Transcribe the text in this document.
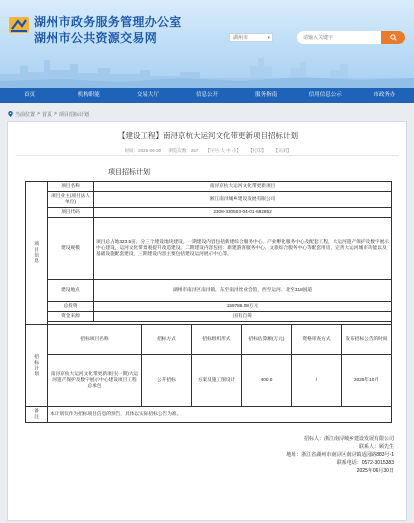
湖州市政务服务管理办公室
湖州市公共资源交易网	湖州市	▾
请输入关键字
首页	机构职能	交易大厅	信息公开	服务指南	信用信息公示	市政务办
当前位置 > 首页 > 项目招标计划
【建设工程】南浔京杭大运河文化带更新项目招标计划
时间：2025-06-30 浏览次数：257 【字号 大 中 小】 【打印】 【关闭】
项目招标计划
项目信息	项目名称	南浔京杭大运河文化带更新项目					
	项目业主(项目法人单位)	浙江南浔城乡建设发展有限公司					
	项目代码	2308-330503-04-01-682852					
	建设规模	项目总占地323.5亩，分三个建设地块建设。一期建设内容包括新建综合服务中心、产业孵化服务中心及配套工程，大运河遗产保护及数字展示中心建设，运河文化带景观提升改造建设。二期建设内容包括：新建游客服务中心、文旅综合服务中心等配套用房，完善大运河城市功能以及基础设施配套建设，三期建设内容主要包括建设运河展示中心等。					
	建设地点	湖州市南浔区南浔镇，东至南浔丝业会馆，西至运河、北至318国道					
	总投资	159786.08万元					
	资金来源	国有自筹					

招标计划	招标项目名称		招标方式	招标组织形式	招标估算额(万元)	资格审查方式	发布招标公告的时间
	南浔京杭大运河文化带更新项目(一期)大运河遗产保护及数字展示中心建设项目工程总承包		公开招标	方案及施工图设计	400.0	/	2025年10月
备注	本计划仅作为招标项目信息的预告，具体以实际招标公告为准。						
招标人：浙江南浔城乡建设发展有限公司
联系人：顾先生
地址：浙江省湖州市南浔区南浔镇适园路883号-1
联系电话：0572-3015383
2025年06月30日
